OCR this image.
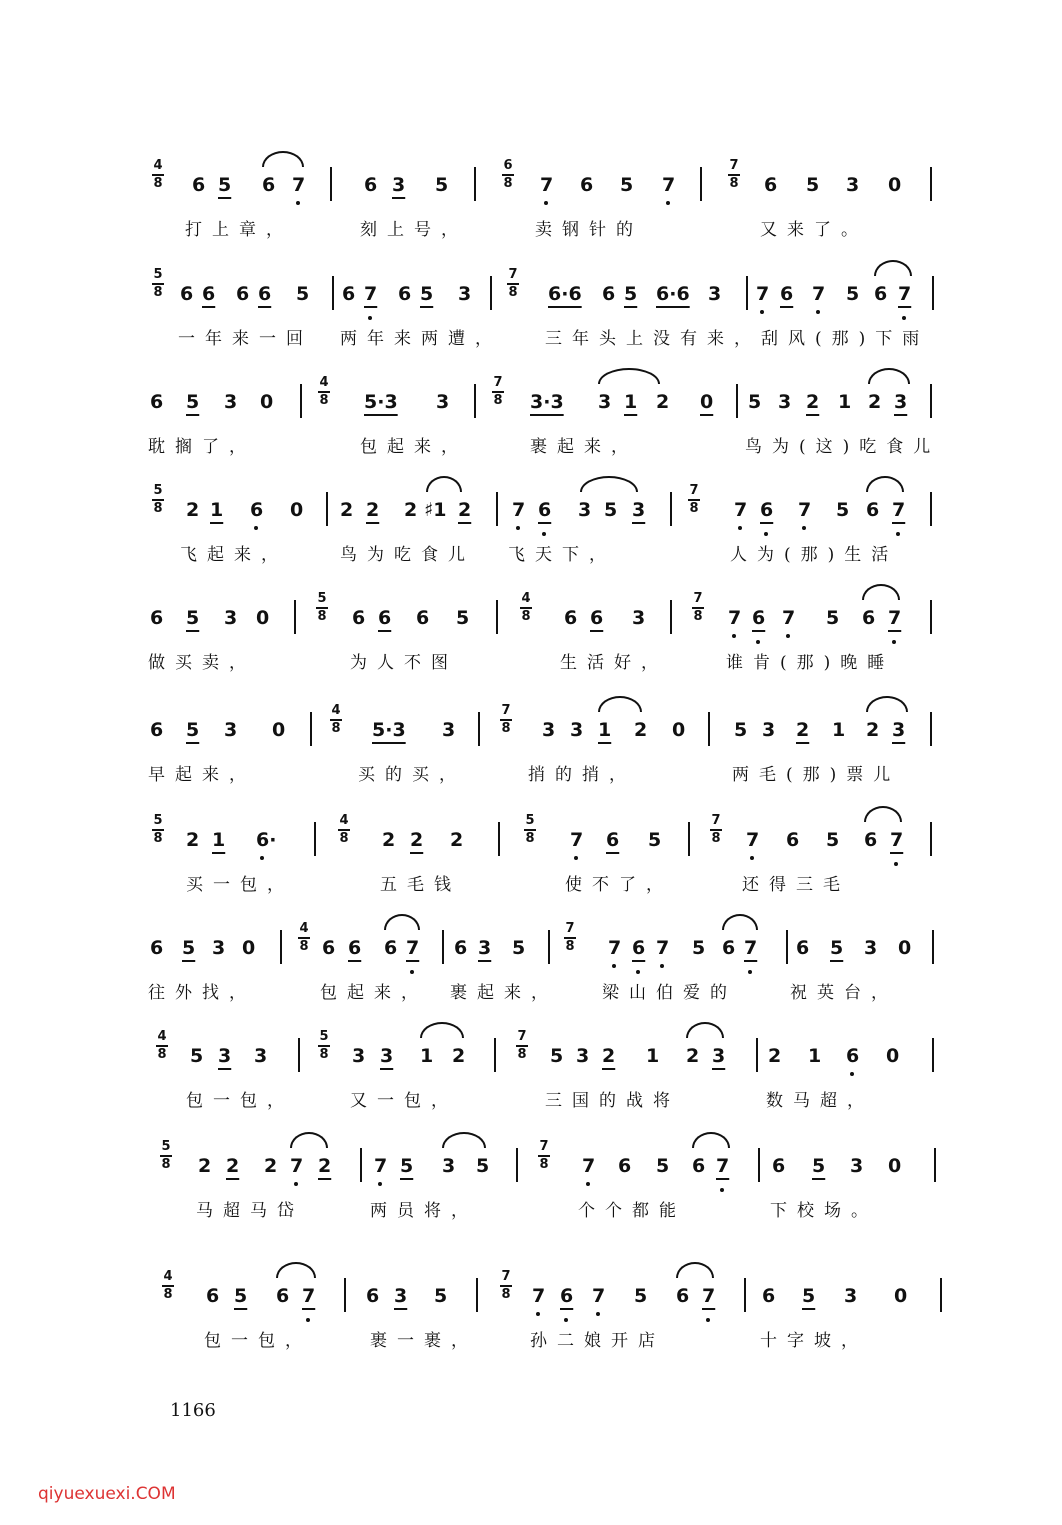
4
8 6 5 6 7	6 3 5
6
8 7 6 5 7
7
8 6 5 3 0
打上章，	刻上号，	卖钢针的	又来了。
5
8 6 6 6 6 5 6 7 6 5 3
7
8 6·6 6 5 6·6 3 7 6 7 5 6 7
一年来一回 两年来两遭，	三年头上没有来，刮风(那)下雨
6 5 3 0
4
8 5·3 3
7
8 3·3 3 1 2 0 5 3 2 1 2 3
耽搁了，	包起来，	裹起来，	鸟为(这)吃食儿
5
8 2 1 6 0 2 2 2 ♯1 2 7 6 3 5 3
7
8 7 6 7 5 6 7
飞起来，	鸟为吃食儿 飞天下，	人为(那)生活
6 5 3 0
5
8 6 6 6 5
4
8 6 6 3
7
8 7 6 7 5 6 7
做买卖，	为人不图	生活好，	谁肯(那)晚睡
6 5 3 0
4
8 5·3 3
7
8 3 3 1 2 0	5 3 2 1 2 3
早起来，	买的买，	捎的捎，	两毛(那)票儿
5
8 2 1 6·
4
8 2 2 2
5
8 7 6 5
7
8 7 6 5 6 7
买一包，	五毛钱	使不了，	还得三毛
6 5 3 0
4
8 6 6 6 7 6 3 5
7
8 7 6 7 5 6 7 6 5 3 0
往外找，	包起来， 裹起来，	梁山伯爱的	祝英台，
4
8 5 3 3
5
8 3 3 1 2
7
8 5 3 2 1 2 3 2 1 6 0
包一包，	又一包，	三国的战将	数马超，
5
8 2 2 2 7 2 7 5 3 5
7
8 7 6 5 6 7 6 5 3 0
马超马岱	两员将，	个个都能	下校场。
4
8 6 5 6 7	6 3 5
7
8 7 6 7 5 6 7 6 5 3 0
包一包，	裹一裹，	孙二娘开店	十字坡，
1166
qiyuexuexi.COM
